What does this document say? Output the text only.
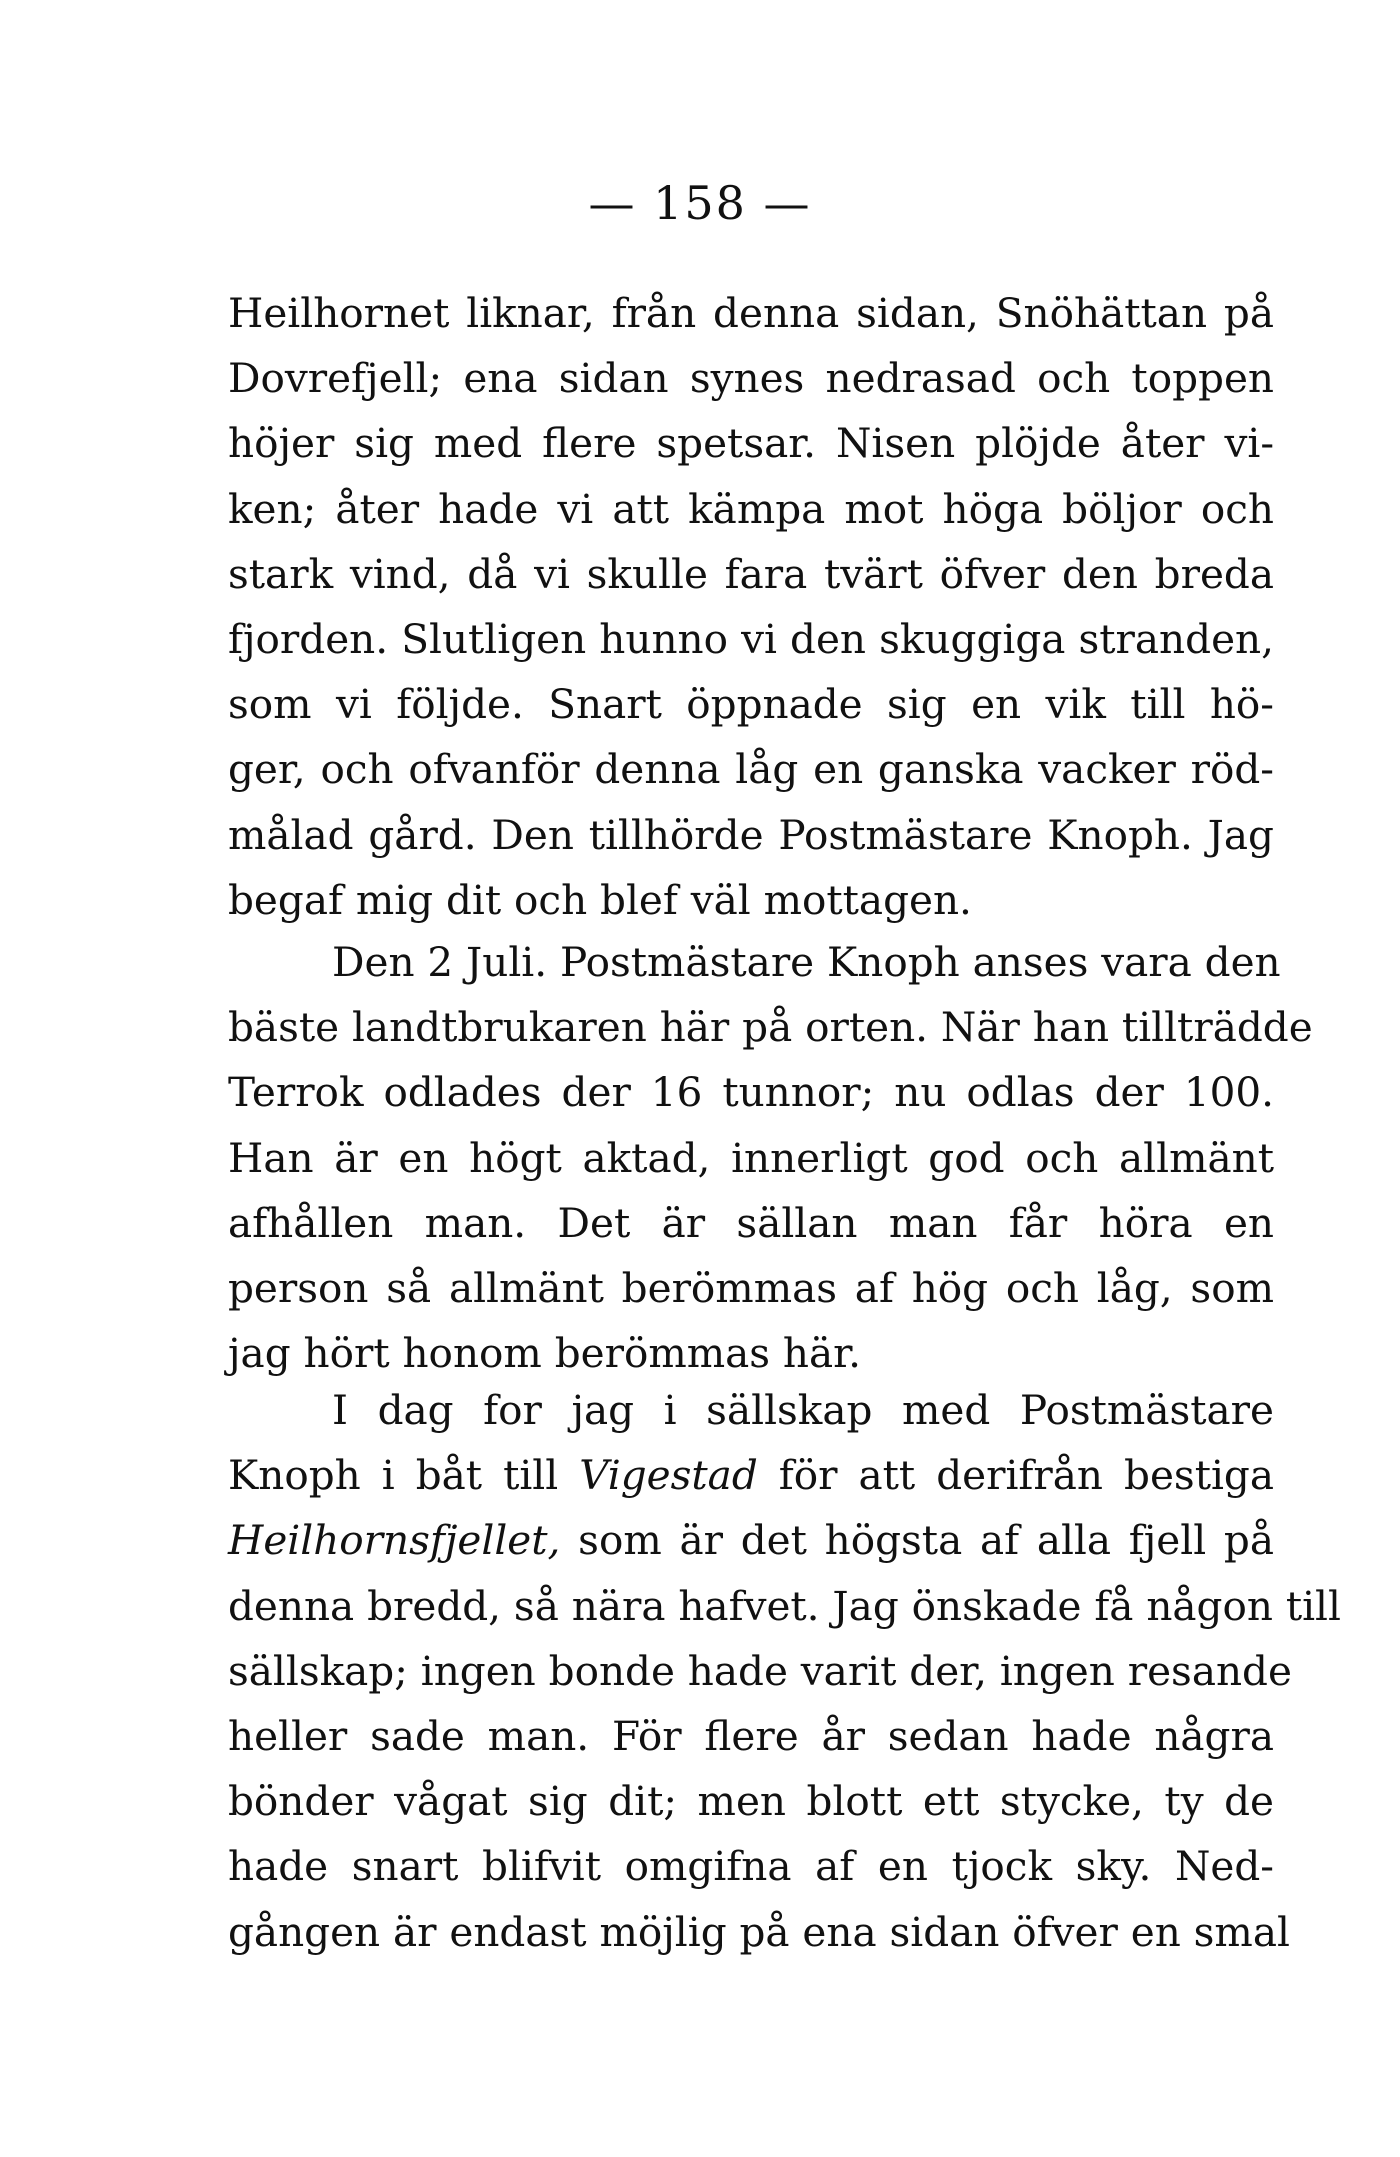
— 158 —
Heilhornet liknar, från denna sidan, Snöhättan på
Dovrefjell; ena sidan synes nedrasad och toppen
höjer sig med flere spetsar. Nisen plöjde åter vi-
ken; åter hade vi att kämpa mot höga böljor och
stark vind, då vi skulle fara tvärt öfver den breda
fjorden. Slutligen hunno vi den skuggiga stranden,
som vi följde. Snart öppnade sig en vik till hö-
ger, och ofvanför denna låg en ganska vacker röd-
målad gård. Den tillhörde Postmästare Knoph. Jag
begaf mig dit och blef väl mottagen.
Den 2 Juli. Postmästare Knoph anses vara den
bäste landtbrukaren här på orten. När han tillträdde
Terrok odlades der 16 tunnor; nu odlas der 100.
Han är en högt aktad, innerligt god och allmänt
afhållen man. Det är sällan man får höra en
person så allmänt berömmas af hög och låg, som
jag hört honom berömmas här.
I dag for jag i sällskap med Postmästare
Knoph i båt till Vigestad för att derifrån bestiga
Heilhornsfjellet, som är det högsta af alla fjell på
denna bredd, så nära hafvet. Jag önskade få någon till
sällskap; ingen bonde hade varit der, ingen resande
heller sade man. För flere år sedan hade några
bönder vågat sig dit; men blott ett stycke, ty de
hade snart blifvit omgifna af en tjock sky. Ned-
gången är endast möjlig på ena sidan öfver en smal
